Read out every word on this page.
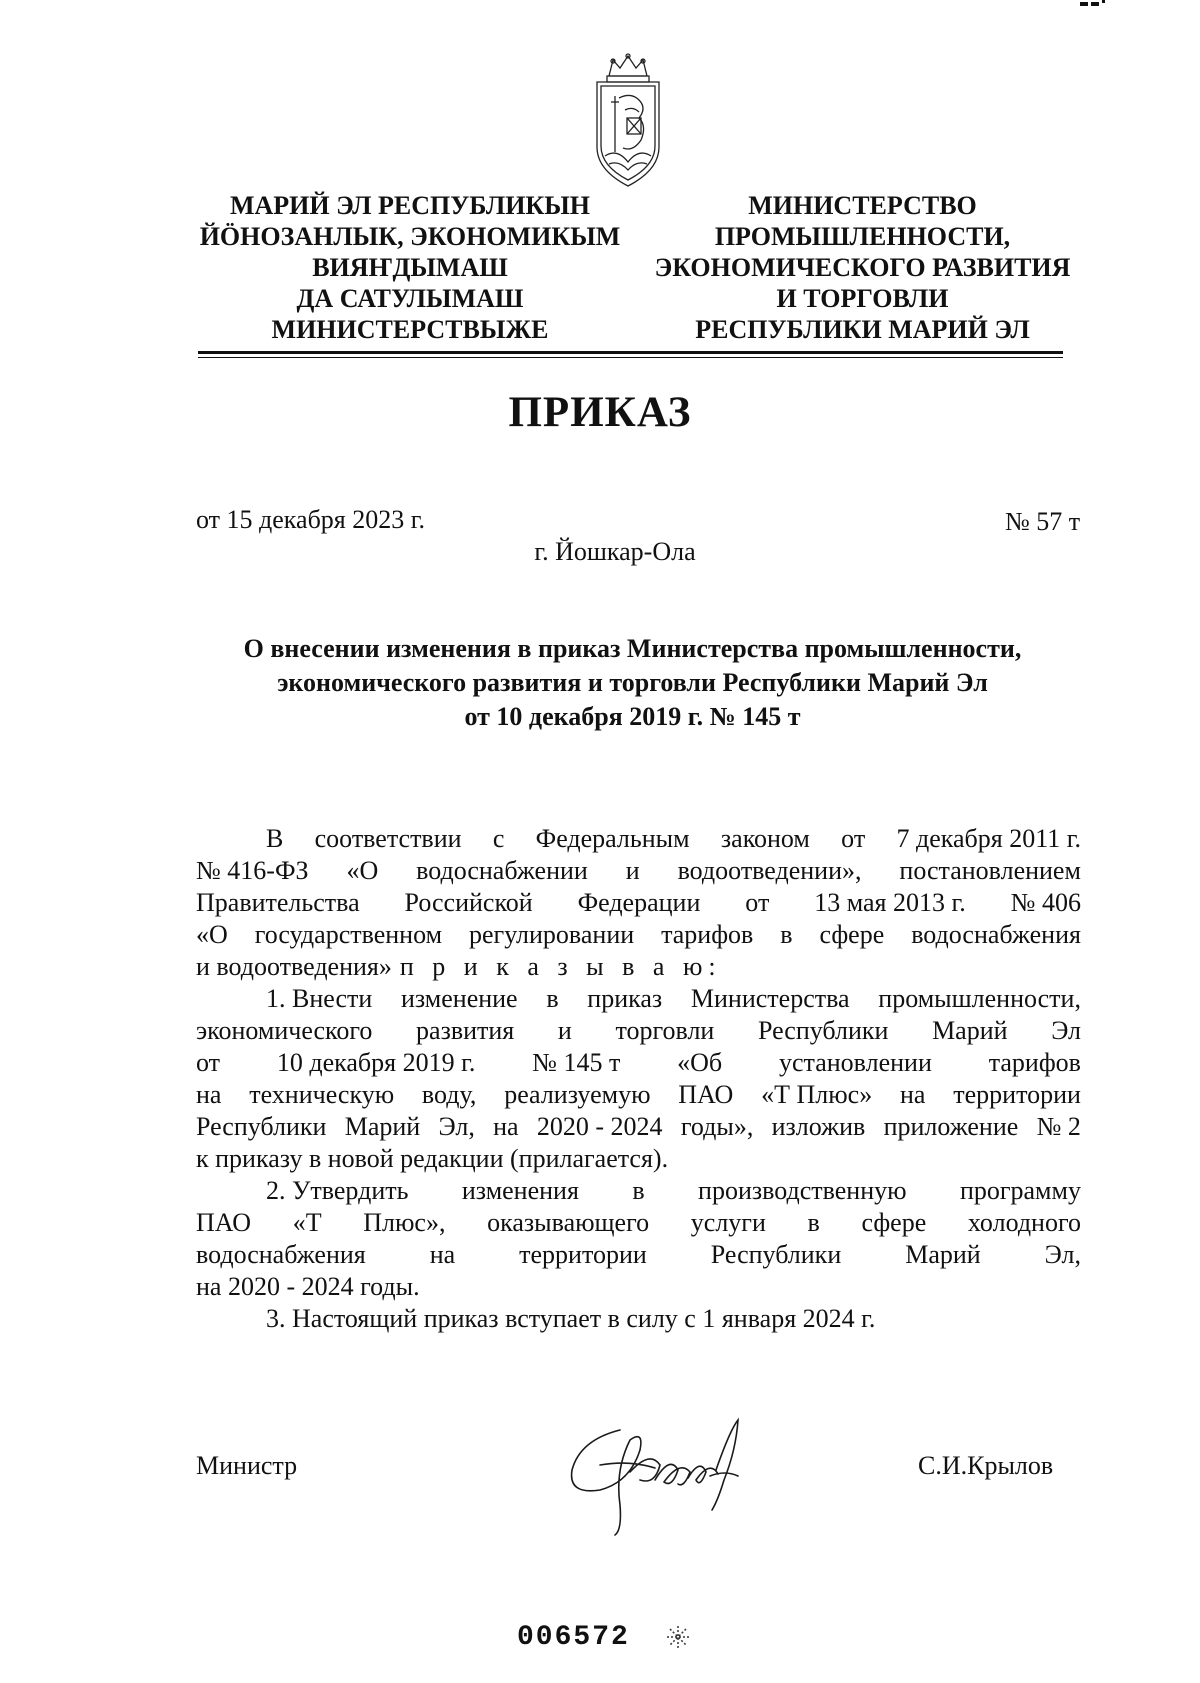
МАРИЙ ЭЛ РЕСПУБЛИКЫН
ЙÖНОЗАНЛЫК, ЭКОНОМИКЫМ
ВИЯҤДЫМАШ
ДА САТУЛЫМАШ
МИНИСТЕРСТВЫЖЕ
МИНИСТЕРСТВО
ПРОМЫШЛЕННОСТИ,
ЭКОНОМИЧЕСКОГО РАЗВИТИЯ
И ТОРГОВЛИ
РЕСПУБЛИКИ МАРИЙ ЭЛ
ПРИКАЗ
от 15 декабря 2023 г.	№ 57 т
г. Йошкар-Ола
О внесении изменения в приказ Министерства промышленности,
экономического развития и торговли Республики Марий Эл
от 10 декабря 2019 г. № 145 т
В соответствии с Федеральным законом от 7 декабря 2011 г.
№ 416-ФЗ «О водоснабжении и водоотведении», постановлением
Правительства Российской Федерации от 13 мая 2013 г. № 406
«О государственном регулировании тарифов в сфере водоснабжения
и водоотведения» п р и к а з ы в а ю:
1. Внести изменение в приказ Министерства промышленности,
экономического развития и торговли Республики Марий Эл
от 10 декабря 2019 г. № 145 т «Об установлении тарифов
на техническую воду, реализуемую ПАО «Т Плюс» на территории
Республики Марий Эл, на 2020 - 2024 годы», изложив приложение № 2
к приказу в новой редакции (прилагается).
2. Утвердить изменения в производственную программу
ПАО «Т Плюс», оказывающего услуги в сфере холодного
водоснабжения на территории Республики Марий Эл,
на 2020 - 2024 годы.
3. Настоящий приказ вступает в силу с 1 января 2024 г.
Министр	С.И.Крылов
006572
